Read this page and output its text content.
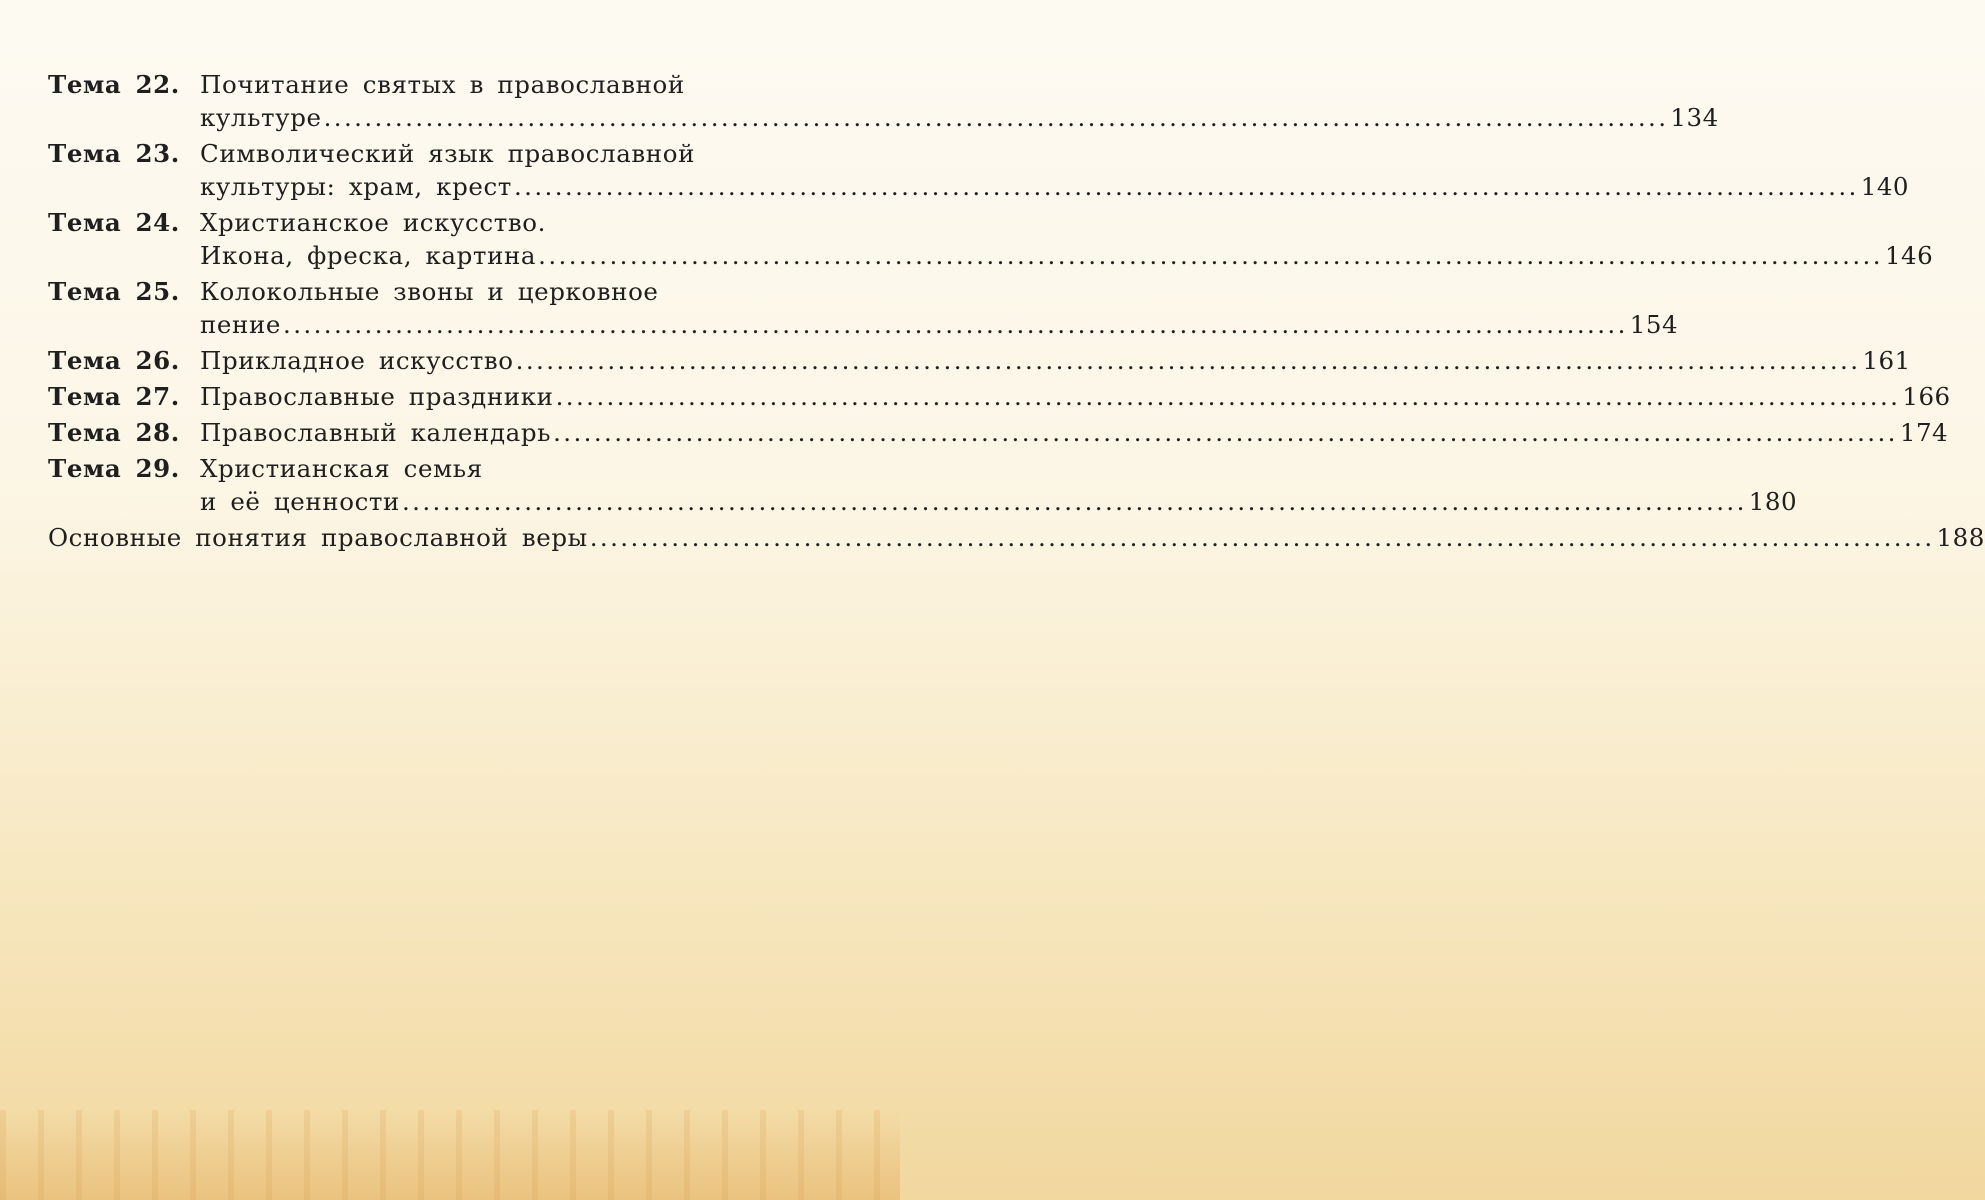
Тема 22. Почитание святых в православной
культуре .....	134
Тема 23. Символический язык православной
культуры: храм, крест .....	140
Тема 24. Христианское искусство.
Икона, фреска, картина .....	146
Тема 25. Колокольные звоны и церковное
пение .....	154
Тема 26. Прикладное искусство .....	161
Тема 27. Православные праздники .....	166
Тема 28. Православный календарь .....	174
Тема 29. Христианская семья
и её ценности .....	180
Основные понятия православной веры .....	188
